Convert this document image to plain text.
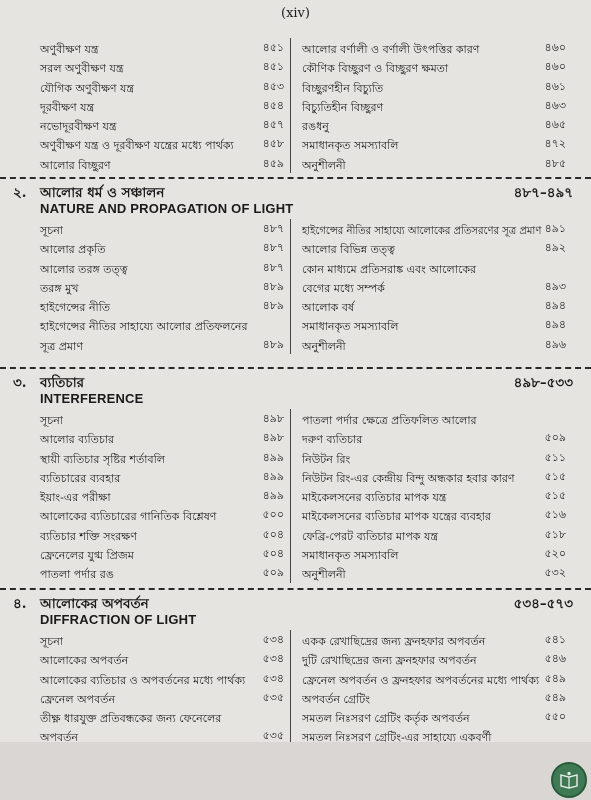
(xiv)
অণুবীক্ষণ যন্ত্র	৪৫১ আলোর বর্ণালী ও বর্ণালী উৎপত্তির কারণ	৪৬০
সরল অণুবীক্ষণ যন্ত্র	৪৫১ কৌণিক বিচ্ছুরণ ও বিচ্ছুরণ ক্ষমতা	৪৬০
যৌগিক অণুবীক্ষণ যন্ত্র	৪৫৩ বিচ্ছুরণহীন বিচ্যুতি	৪৬১
দূরবীক্ষণ যন্ত্র	৪৫৪ বিচ্যুতিহীন বিচ্ছুরণ	৪৬৩
নভোদূরবীক্ষণ যন্ত্র	৪৫৭ রঙধনু	৪৬৫
অণুবীক্ষণ যন্ত্র ও দূরবীক্ষণ যন্ত্রের মধ্যে পার্থক্য	৪৫৮ সমাধানকৃত সমস্যাবলি	৪৭২
আলোর বিচ্ছুরণ	৪৫৯ অনুশীলনী	৪৮৫
২. আলোর ধর্ম ও সঞ্চালন	৪৮৭–৪৯৭
NATURE AND PROPAGATION OF LIGHT
সূচনা	৪৮৭ হাইগেন্সের নীতির সাহায্যে আলোকের প্রতিসরণের সূত্র প্রমাণ ৪৯১
আলোর প্রকৃতি	৪৮৭ আলোর বিভিন্ন তত্ত্ব	৪৯২
আলোর তরঙ্গ তত্ত্ব	৪৮৭ কোন মাধ্যমে প্রতিসরাঙ্ক এবং আলোকের
তরঙ্গ মুখ	৪৮৯ বেগের মধ্যে সম্পর্ক	৪৯৩
হাইগেন্সের নীতি	৪৮৯ আলোক বর্ষ	৪৯৪
হাইগেন্সের নীতির সাহায্যে আলোর প্রতিফলনের	সমাধানকৃত সমস্যাবলি	৪৯৪
সূত্র প্রমাণ	৪৮৯ অনুশীলনী	৪৯৬
৩. ব্যতিচার	৪৯৮–৫৩৩
INTERFERENCE
সূচনা	৪৯৮ পাতলা পর্দার ক্ষেত্রে প্রতিফলিত আলোর
আলোর ব্যতিচার	৪৯৮ দরুণ ব্যতিচার	৫০৯
স্থায়ী ব্যতিচার সৃষ্টির শর্তাবলি	৪৯৯ নিউটন রিং	৫১১
ব্যতিচারের ব্যবহার	৪৯৯ নিউটন রিং-এর কেন্দ্রীয় বিন্দু অন্ধকার হবার কারণ	৫১৫
ইয়াং-এর পরীক্ষা	৪৯৯ মাইকেলসনের ব্যতিচার মাপক যন্ত্র	৫১৫
আলোকের ব্যতিচারের গানিতিক বিশ্লেষণ	৫০০ মাইকেলসনের ব্যতিচার মাপক যন্ত্রের ব্যবহার	৫১৬
ব্যতিচার শক্তি সংরক্ষণ	৫০৪ ফেব্রি-পেরট ব্যতিচার মাপক যন্ত্র	৫১৮
ফ্রেনেলের যুগ্ম প্রিজম	৫০৪ সমাধানকৃত সমস্যাবলি	৫২০
পাতলা পর্দার রঙ	৫০৯ অনুশীলনী	৫৩২
৪. আলোকের অপবর্তন	৫৩৪–৫৭৩
DIFFRACTION OF LIGHT
সূচনা	৫৩৪ একক রেখাছিদ্রের জন্য ফ্রনহফার অপবর্তন	৫৪১
আলোকের অপবর্তন	৫৩৪ দুটি রেখাছিদ্রের জন্য ফ্রনহফার অপবর্তন	৫৪৬
আলোকের ব্যতিচার ও অপবর্তনের মধ্যে পার্থক্য ৫৩৪ ফ্রেনেল অপবর্তন ও ফ্রনহফার অপবর্তনের মধ্যে পার্থক্য ৫৪৯
ফ্রেনেল অপবর্তন	৫৩৫ অপবর্তন গ্রেটিং	৫৪৯
তীক্ষ্ণ ধারযুক্ত প্রতিবন্ধকের জন্য ফেনেলের	সমতল নিঃসরণ গ্রেটিং কর্তৃক অপবর্তন	৫৫০
অপবর্তন	৫৩৫ সমতল নিঃসরণ গ্রেটিং-এর সাহায্যে একবর্ণী
